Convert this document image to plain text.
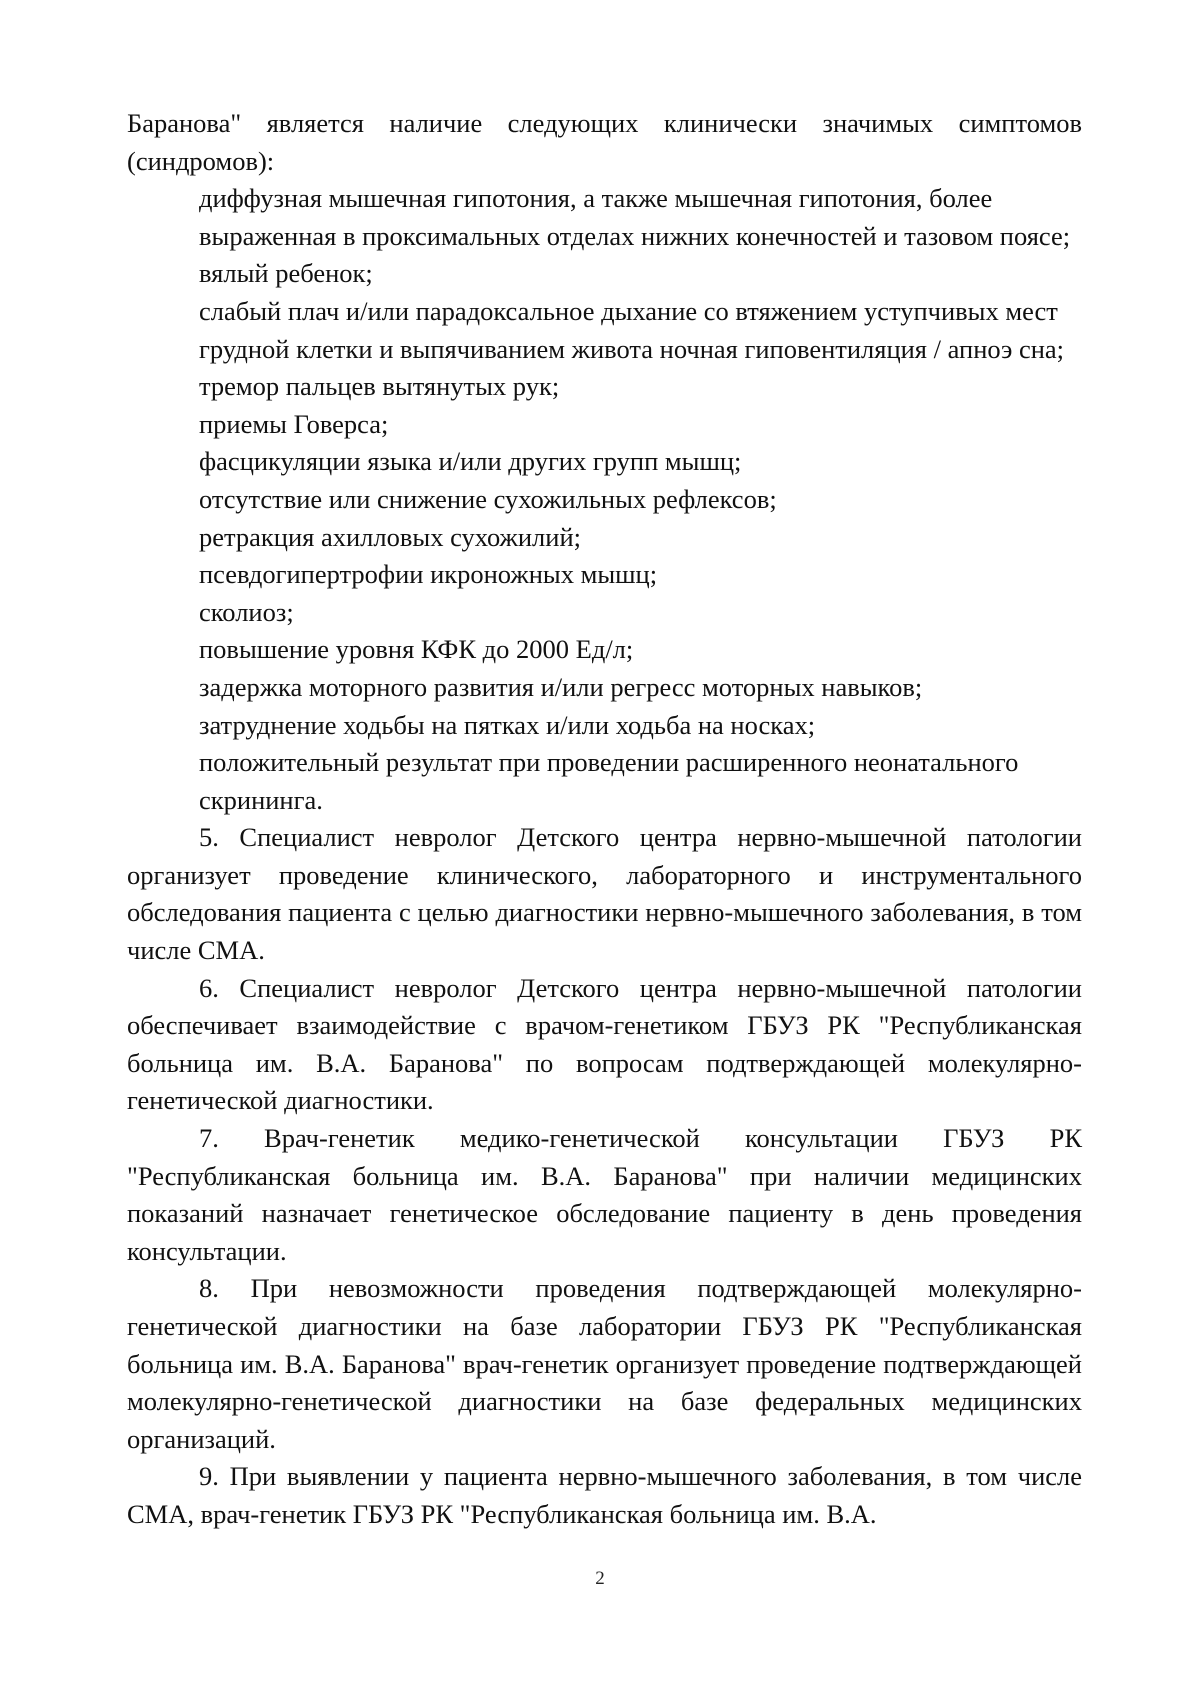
Баранова" является наличие следующих клинически значимых симптомов (синдромов):

диффузная мышечная гипотония, а также мышечная гипотония, более выраженная в проксимальных отделах нижних конечностей и тазовом поясе;

вялый ребенок;

слабый плач и/или парадоксальное дыхание со втяжением уступчивых мест грудной клетки и выпячиванием живота ночная гиповентиляция / апноэ сна;

тремор пальцев вытянутых рук;

приемы Говерса;

фасцикуляции языка и/или других групп мышц;

отсутствие или снижение сухожильных рефлексов;

ретракция ахилловых сухожилий;

псевдогипертрофии икроножных мышц;

сколиоз;

повышение уровня КФК до 2000 Ед/л;

задержка моторного развития и/или регресс моторных навыков;

затруднение ходьбы на пятках и/или ходьба на носках;

положительный результат при проведении расширенного неонатального скрининга.

5. Специалист невролог Детского центра нервно-мышечной патологии организует проведение клинического, лабораторного и инструментального обследования пациента с целью диагностики нервно-мышечного заболевания, в том числе СМА.

6. Специалист невролог Детского центра нервно-мышечной патологии обеспечивает взаимодействие с врачом-генетиком ГБУЗ РК "Республиканская больница им. В.А. Баранова" по вопросам подтверждающей молекулярно-генетической диагностики.

7. Врач-генетик медико-генетической консультации ГБУЗ РК "Республиканская больница им. В.А. Баранова" при наличии медицинских показаний назначает генетическое обследование пациенту в день проведения консультации.

8. При невозможности проведения подтверждающей молекулярно-генетической диагностики на базе лаборатории ГБУЗ РК "Республиканская больница им. В.А. Баранова" врач-генетик организует проведение подтверждающей молекулярно-генетической диагностики на базе федеральных медицинских организаций.

9. При выявлении у пациента нервно-мышечного заболевания, в том числе СМА, врач-генетик ГБУЗ РК "Республиканская больница им. В.А.

2
